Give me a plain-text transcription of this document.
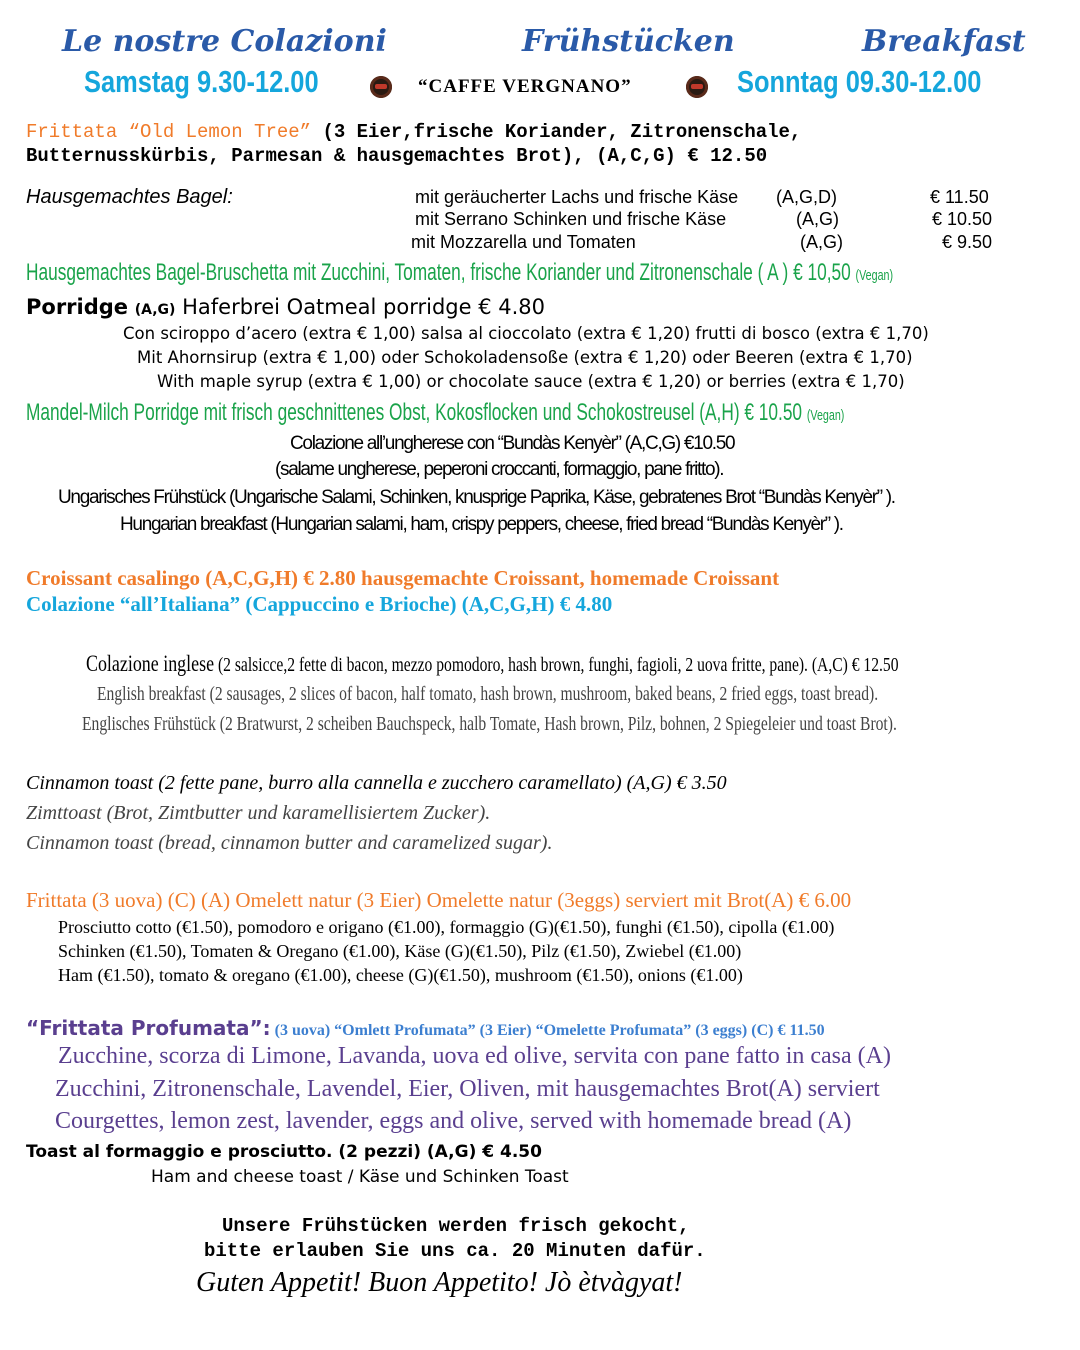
Le nostre Colazioni	Frühstücken	Breakfast
Samstag 9.30-12.00	“CAFFE VERGNANO”	Sonntag 09.30-12.00
Frittata “Old Lemon Tree” (3 Eier,frische Koriander, Zitronenschale,
Butternusskürbis, Parmesan & hausgemachtes Brot), (A,C,G) € 12.50
Hausgemachtes Bagel:	mit geräucherter Lachs und frische Käse (A,G,D)	€ 11.50
mit Serrano Schinken und frische Käse	(A,G)	€ 10.50
mit Mozzarella und Tomaten	(A,G)	€ 9.50
Hausgemachtes Bagel-Bruschetta mit Zucchini, Tomaten, frische Koriander und Zitronenschale ( A ) € 10,50 (Vegan)
Porridge (A,G) Haferbrei Oatmeal porridge € 4.80
Con sciroppo d’acero (extra € 1,00) salsa al cioccolato (extra € 1,20) frutti di bosco (extra € 1,70)
Mit Ahornsirup (extra € 1,00) oder Schokoladensoße (extra € 1,20) oder Beeren (extra € 1,70)
With maple syrup (extra € 1,00) or chocolate sauce (extra € 1,20) or berries (extra € 1,70)
Mandel-Milch Porridge mit frisch geschnittenes Obst, Kokosflocken und Schokostreusel (A,H) € 10.50 (Vegan)
Colazione all’ungherese con “Bundàs Kenyèr” (A,C,G) €10.50
(salame ungherese, peperoni croccanti, formaggio, pane fritto).
Ungarisches Frühstück (Ungarische Salami, Schinken, knusprige Paprika, Käse, gebratenes Brot “Bundàs Kenyèr” ).
Hungarian breakfast (Hungarian salami, ham, crispy peppers, cheese, fried bread “Bundàs Kenyèr” ).
Croissant casalingo (A,C,G,H) € 2.80 hausgemachte Croissant, homemade Croissant
Colazione “all’Italiana” (Cappuccino e Brioche) (A,C,G,H) € 4.80
Colazione inglese (2 salsicce,2 fette di bacon, mezzo pomodoro, hash brown, funghi, fagioli, 2 uova fritte, pane). (A,C) € 12.50
English breakfast (2 sausages, 2 slices of bacon, half tomato, hash brown, mushroom, baked beans, 2 fried eggs, toast bread).
Englisches Frühstück (2 Bratwurst, 2 scheiben Bauchspeck, halb Tomate, Hash brown, Pilz, bohnen, 2 Spiegeleier und toast Brot).
Cinnamon toast (2 fette pane, burro alla cannella e zucchero caramellato) (A,G) € 3.50
Zimttoast (Brot, Zimtbutter und karamellisiertem Zucker).
Cinnamon toast (bread, cinnamon butter and caramelized sugar).
Frittata (3 uova) (C) (A) Omelett natur (3 Eier) Omelette natur (3eggs) serviert mit Brot(A) € 6.00
Prosciutto cotto (€1.50), pomodoro e origano (€1.00), formaggio (G)(€1.50), funghi (€1.50), cipolla (€1.00)
Schinken (€1.50), Tomaten & Oregano (€1.00), Käse (G)(€1.50), Pilz (€1.50), Zwiebel (€1.00)
Ham (€1.50), tomato & oregano (€1.00), cheese (G)(€1.50), mushroom (€1.50), onions (€1.00)
“Frittata Profumata”: (3 uova) “Omlett Profumata” (3 Eier) “Omelette Profumata” (3 eggs) (C) € 11.50
Zucchine, scorza di Limone, Lavanda, uova ed olive, servita con pane fatto in casa (A)
Zucchini, Zitronenschale, Lavendel, Eier, Oliven, mit hausgemachtes Brot(A) serviert
Courgettes, lemon zest, lavender, eggs and olive, served with homemade bread (A)
Toast al formaggio e prosciutto. (2 pezzi) (A,G) € 4.50
Ham and cheese toast / Käse und Schinken Toast
Unsere Frühstücken werden frisch gekocht,
bitte erlauben Sie uns ca. 20 Minuten dafür.
Guten Appetit! Buon Appetito! Jò ètvàgyat!
